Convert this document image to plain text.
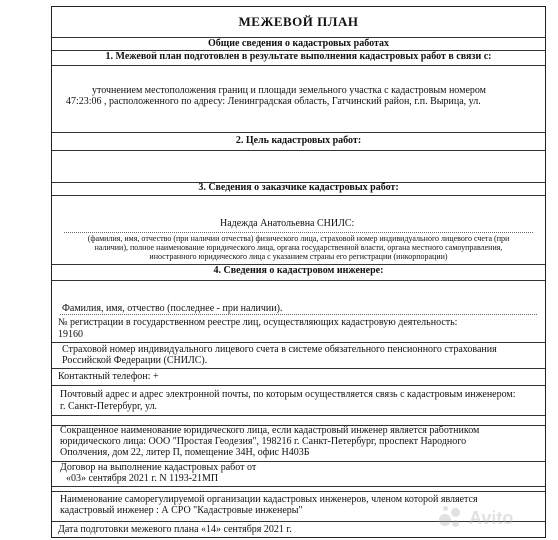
МЕЖЕВОЙ ПЛАН
Общие сведения о кадастровых работах
1. Межевой план подготовлен в результате выполнения кадастровых работ в связи с:
уточнением местоположения границ и площади земельного участка с кадастровым номером
47:23:06 , расположенного по адресу: Ленинградская область, Гатчинский район, г.п. Вырица, ул.
2. Цель кадастровых работ:
3. Сведения о заказчике кадастровых работ:
Надежда Анатольевна СНИЛС:
(фамилия, имя, отчество (при наличии отчества) физического лица, страховой номер индивидуального лицевого счета (при
наличии), полное наименование юридического лица, органа государственной власти, органа местного самоуправления,
иностранного юридического лица с указанием страны его регистрации (инкорпорации)
4. Сведения о кадастровом инженере:
Фамилия, имя, отчество (последнее - при наличии).
№ регистрации в государственном реестре лиц, осуществляющих кадастровую деятельность:
19160
Страховой номер индивидуального лицевого счета в системе обязательного пенсионного страхования
Российской Федерации (СНИЛС).
Контактный телефон: +
Почтовый адрес и адрес электронной почты, по которым осуществляется связь с кадастровым инженером:
г. Санкт-Петербург, ул.
Сокращенное наименование юридического лица, если кадастровый инженер является работником
юридического лица: ООО "Простая Геодезия", 198216 г. Санкт-Петербург, проспект Народного
Ополчения, дом 22, литер П, помещение 34Н, офис Н403Б
Договор на выполнение кадастровых работ от
«03» сентября 2021 г. N 1193-21МП
Наименование саморегулируемой организации кадастровых инженеров, членом которой является
кадастровый инженер : А СРО "Кадастровые инженеры"
Дата подготовки межевого плана «14» сентября 2021 г.
Avito
